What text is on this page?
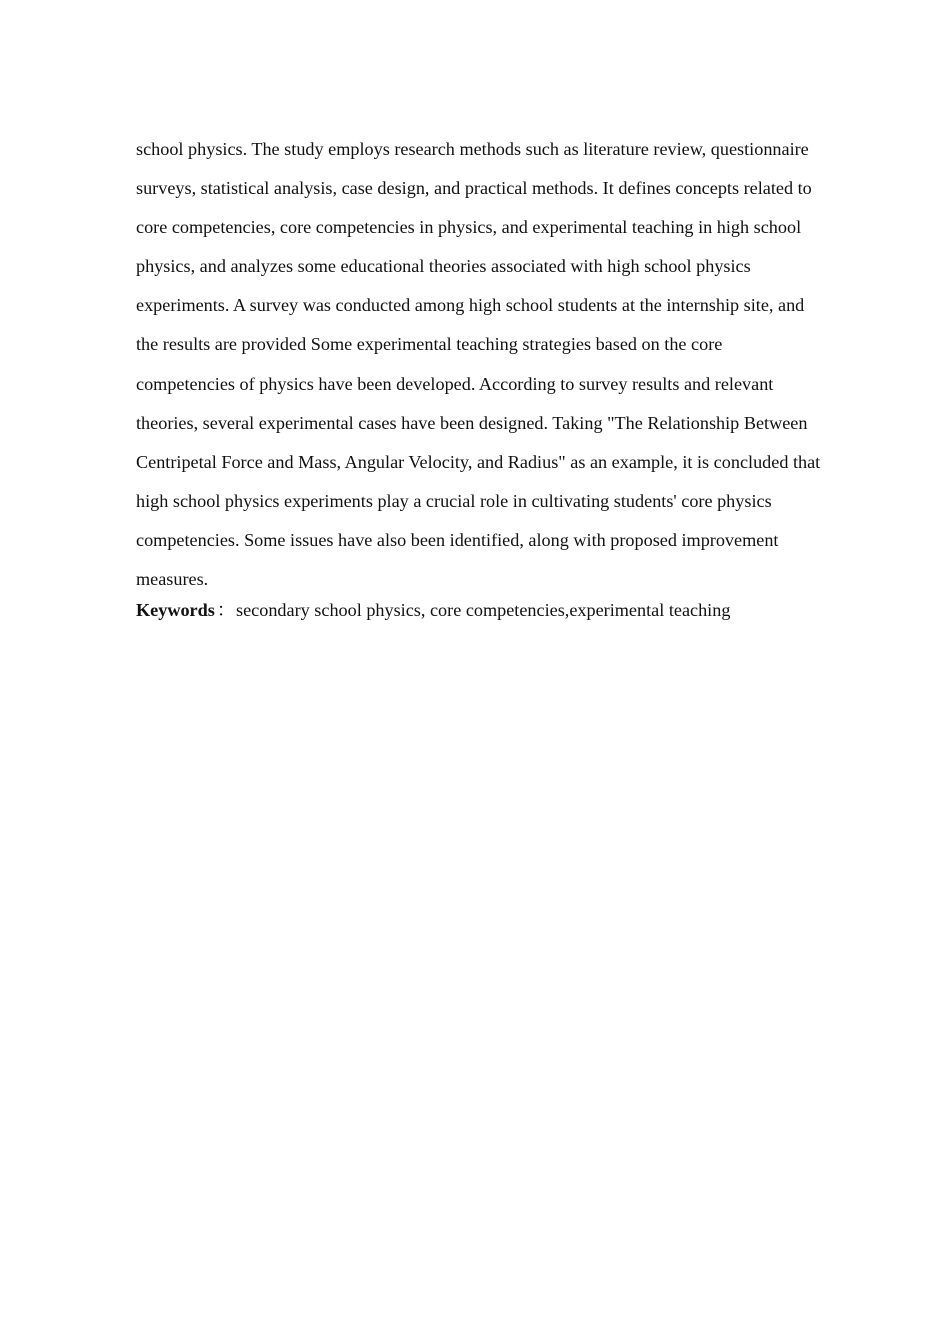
school physics. The study employs research methods such as literature review, questionnaire
surveys, statistical analysis, case design, and practical methods. It defines concepts related to
core competencies, core competencies in physics, and experimental teaching in high school
physics, and analyzes some educational theories associated with high school physics
experiments. A survey was conducted among high school students at the internship site, and
the results are provided Some experimental teaching strategies based on the core
competencies of physics have been developed. According to survey results and relevant
theories, several experimental cases have been designed. Taking "The Relationship Between
Centripetal Force and Mass, Angular Velocity, and Radius" as an example, it is concluded that
high school physics experiments play a crucial role in cultivating students' core physics
competencies. Some issues have also been identified, along with proposed improvement
measures.
Keywords ：secondary school physics, core competencies,experimental teaching
